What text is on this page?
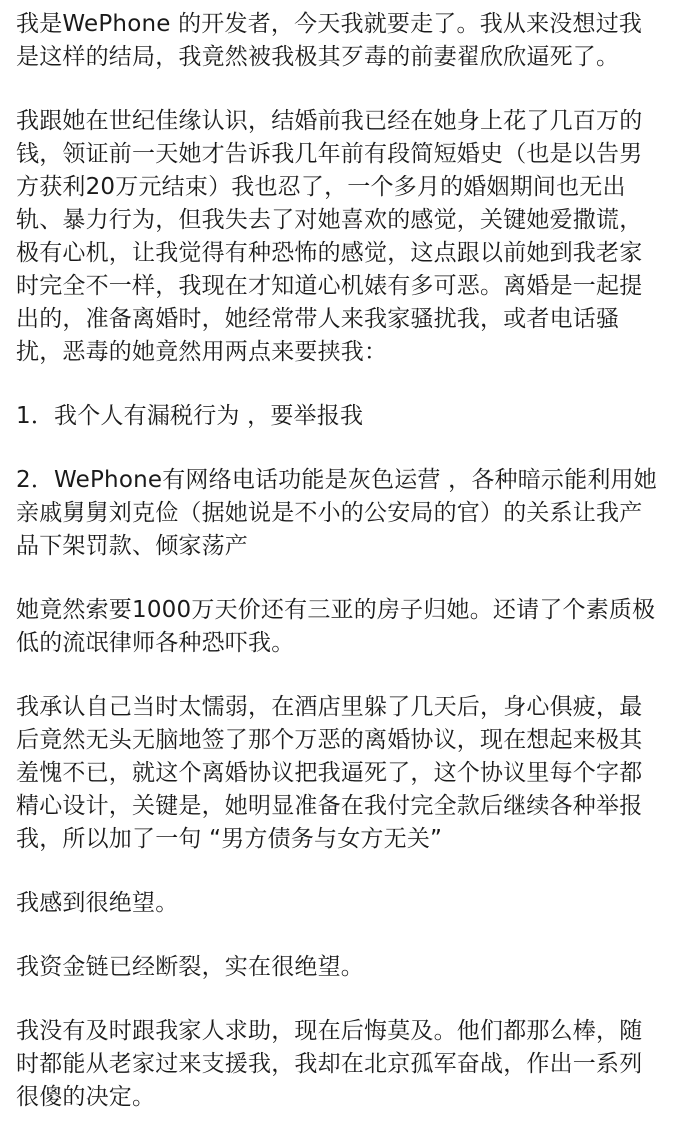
我是WePhone 的开发者，今天我就要走了。我从来没想过我
是这样的结局，我竟然被我极其歹毒的前妻翟欣欣逼死了。

我跟她在世纪佳缘认识，结婚前我已经在她身上花了几百万的
钱，领证前一天她才告诉我几年前有段简短婚史（也是以告男
方获利20万元结束）我也忍了，一个多月的婚姻期间也无出
轨、暴力行为，但我失去了对她喜欢的感觉，关键她爱撒谎，
极有心机，让我觉得有种恐怖的感觉，这点跟以前她到我老家
时完全不一样，我现在才知道心机婊有多可恶。离婚是一起提
出的，准备离婚时，她经常带人来我家骚扰我，或者电话骚
扰，恶毒的她竟然用两点来要挟我：

1．我个人有漏税行为 ，要举报我

2．WePhone有网络电话功能是灰色运营 ，各种暗示能利用她
亲戚舅舅刘克俭（据她说是不小的公安局的官）的关系让我产
品下架罚款、倾家荡产

她竟然索要1000万天价还有三亚的房子归她。还请了个素质极
低的流氓律师各种恐吓我。

我承认自己当时太懦弱，在酒店里躲了几天后，身心俱疲，最
后竟然无头无脑地签了那个万恶的离婚协议，现在想起来极其
羞愧不已，就这个离婚协议把我逼死了，这个协议里每个字都
精心设计，关键是，她明显准备在我付完全款后继续各种举报
我，所以加了一句 “男方债务与女方无关”

我感到很绝望。

我资金链已经断裂，实在很绝望。

我没有及时跟我家人求助，现在后悔莫及。他们都那么棒，随
时都能从老家过来支援我，我却在北京孤军奋战，作出一系列
很傻的决定。
